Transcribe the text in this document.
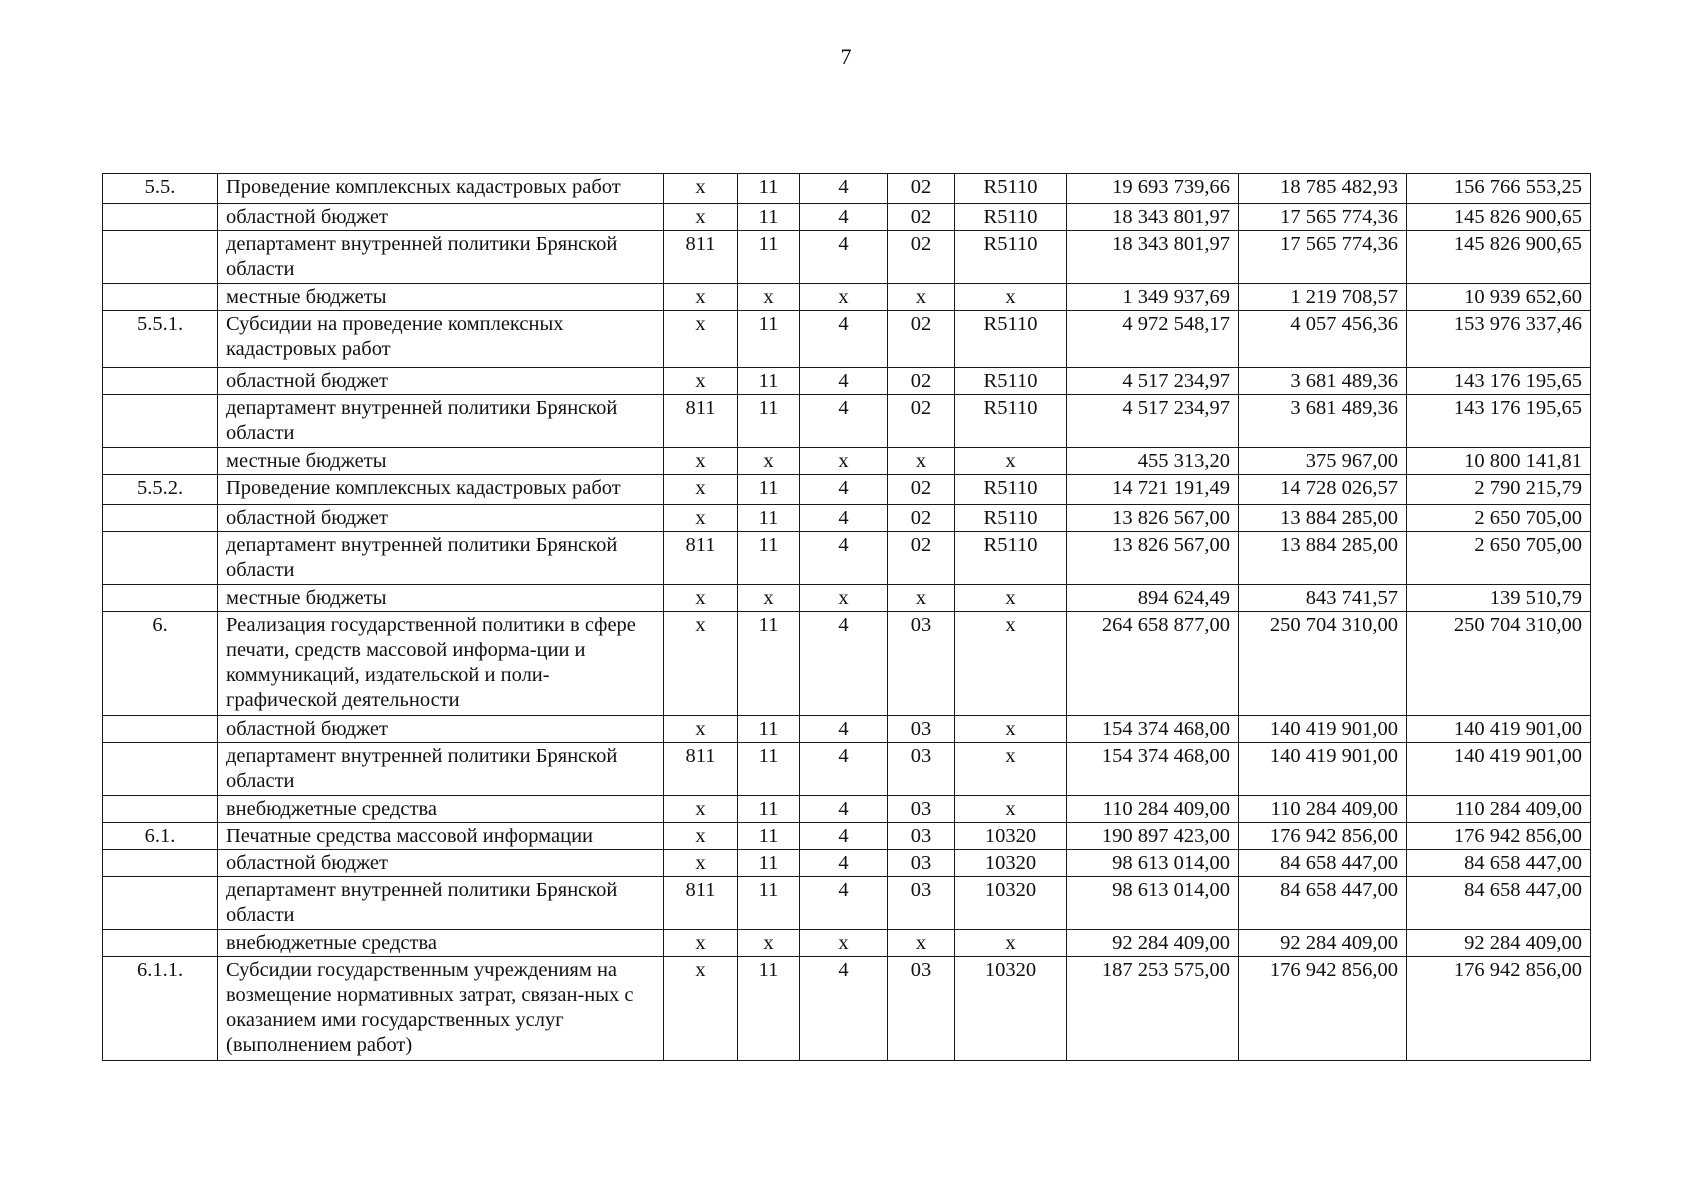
7
5.5.	Проведение комплексных кадастровых работ	х	11	4	02	R5110	19 693 739,66	18 785 482,93	156 766 553,25
	областной бюджет	х	11	4	02	R5110	18 343 801,97	17 565 774,36	145 826 900,65
	департамент внутренней политики Брянской области	811	11	4	02	R5110	18 343 801,97	17 565 774,36	145 826 900,65
	местные бюджеты	х	х	х	х	х	1 349 937,69	1 219 708,57	10 939 652,60
5.5.1.	Субсидии на проведение комплексных кадастровых работ	х	11	4	02	R5110	4 972 548,17	4 057 456,36	153 976 337,46
	областной бюджет	х	11	4	02	R5110	4 517 234,97	3 681 489,36	143 176 195,65
	департамент внутренней политики Брянской области	811	11	4	02	R5110	4 517 234,97	3 681 489,36	143 176 195,65
	местные бюджеты	х	х	х	х	х	455 313,20	375 967,00	10 800 141,81
5.5.2.	Проведение комплексных кадастровых работ	х	11	4	02	R5110	14 721 191,49	14 728 026,57	2 790 215,79
	областной бюджет	х	11	4	02	R5110	13 826 567,00	13 884 285,00	2 650 705,00
	департамент внутренней политики Брянской области	811	11	4	02	R5110	13 826 567,00	13 884 285,00	2 650 705,00
	местные бюджеты	х	х	х	х	х	894 624,49	843 741,57	139 510,79
6.	Реализация государственной политики в сфере печати, средств массовой информа-ции и коммуникаций, издательской и поли-графической деятельности	х	11	4	03	х	264 658 877,00	250 704 310,00	250 704 310,00
	областной бюджет	х	11	4	03	х	154 374 468,00	140 419 901,00	140 419 901,00
	департамент внутренней политики Брянской области	811	11	4	03	х	154 374 468,00	140 419 901,00	140 419 901,00
	внебюджетные средства	х	11	4	03	х	110 284 409,00	110 284 409,00	110 284 409,00
6.1.	Печатные средства массовой информации	х	11	4	03	10320	190 897 423,00	176 942 856,00	176 942 856,00
	областной бюджет	х	11	4	03	10320	98 613 014,00	84 658 447,00	84 658 447,00
	департамент внутренней политики Брянской области	811	11	4	03	10320	98 613 014,00	84 658 447,00	84 658 447,00
	внебюджетные средства	х	х	х	х	х	92 284 409,00	92 284 409,00	92 284 409,00
6.1.1.	Субсидии государственным учреждениям на возмещение нормативных затрат, связан-ных с оказанием ими государственных услуг (выполнением работ)	х	11	4	03	10320	187 253 575,00	176 942 856,00	176 942 856,00
